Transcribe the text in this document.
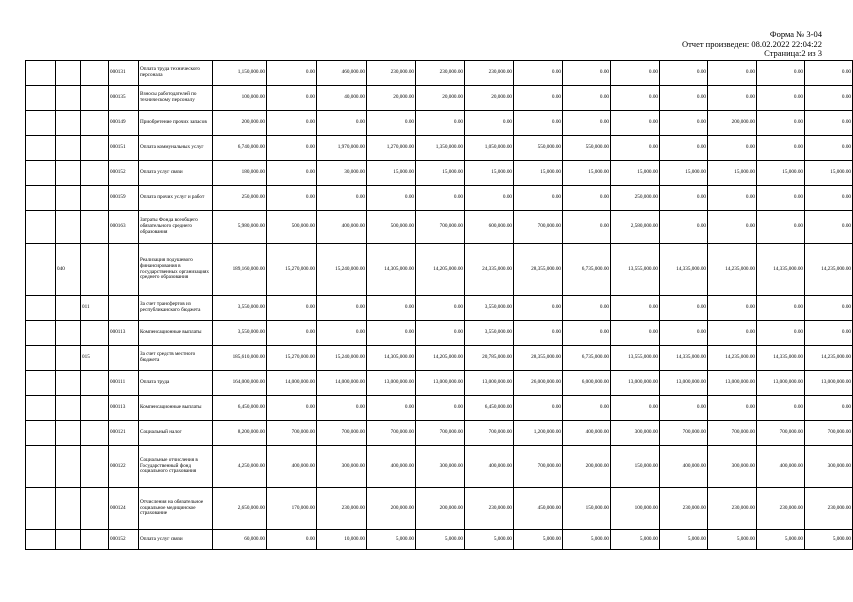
Форма № 3-04
Отчет произведен: 08.02.2022 22:04:22
Страница:2 из 3
			000131	Оплата труда технического персонала	1,150,000.00	0.00	460,000.00	230,000.00	230,000.00	230,000.00	0.00	0.00	0.00	0.00	0.00	0.00	0.00
			000135	Взносы работодателей по техническому персоналу	100,000.00	0.00	40,000.00	20,000.00	20,000.00	20,000.00	0.00	0.00	0.00	0.00	0.00	0.00	0.00
			000149	Приобретение прочих запасов	200,000.00	0.00	0.00	0.00	0.00	0.00	0.00	0.00	0.00	0.00	200,000.00	0.00	0.00
			000151	Оплата коммунальных услуг	6,740,000.00	0.00	1,970,000.00	1,270,000.00	1,350,000.00	1,050,000.00	550,000.00	550,000.00	0.00	0.00	0.00	0.00	0.00
			000152	Оплата услуг связи	180,000.00	0.00	30,000.00	15,000.00	15,000.00	15,000.00	15,000.00	15,000.00	15,000.00	15,000.00	15,000.00	15,000.00	15,000.00
			000159	Оплата прочих услуг и работ	250,000.00	0.00	0.00	0.00	0.00	0.00	0.00	0.00	250,000.00	0.00	0.00	0.00	0.00
			000163	Затраты Фонда всеобщего обязательного среднего образования	5,980,000.00	500,000.00	400,000.00	500,000.00	700,000.00	600,000.00	700,000.00	0.00	2,580,000.00	0.00	0.00	0.00	0.00
	040			Реализация подушевого финансирования в государственных организациях среднего образования	189,160,000.00	15,270,000.00	15,240,000.00	14,305,000.00	14,205,000.00	24,335,000.00	28,355,000.00	6,735,000.00	13,555,000.00	14,335,000.00	14,235,000.00	14,335,000.00	14,235,000.00
		011		За счет трансфертов из республиканского бюджета	3,550,000.00	0.00	0.00	0.00	0.00	3,550,000.00	0.00	0.00	0.00	0.00	0.00	0.00	0.00
			000113	Компенсационные выплаты	3,550,000.00	0.00	0.00	0.00	0.00	3,550,000.00	0.00	0.00	0.00	0.00	0.00	0.00	0.00
		015		За счет средств местного бюджета	185,610,000.00	15,270,000.00	15,240,000.00	14,305,000.00	14,205,000.00	20,785,000.00	28,355,000.00	6,735,000.00	13,555,000.00	14,335,000.00	14,235,000.00	14,335,000.00	14,235,000.00
			000111	Оплата труда	164,000,000.00	14,000,000.00	14,000,000.00	13,000,000.00	13,000,000.00	13,000,000.00	26,000,000.00	6,000,000.00	13,000,000.00	13,000,000.00	13,000,000.00	13,000,000.00	13,000,000.00
			000113	Компенсационные выплаты	6,450,000.00	0.00	0.00	0.00	0.00	6,450,000.00	0.00	0.00	0.00	0.00	0.00	0.00	0.00
			000121	Социальный налог	8,200,000.00	700,000.00	700,000.00	700,000.00	700,000.00	700,000.00	1,200,000.00	400,000.00	300,000.00	700,000.00	700,000.00	700,000.00	700,000.00
			000122	Социальные отчисления в Государственный фонд социального страхования	4,250,000.00	400,000.00	300,000.00	400,000.00	300,000.00	400,000.00	700,000.00	200,000.00	150,000.00	400,000.00	300,000.00	400,000.00	300,000.00
			000124	Отчисления на обязательное социальное медицинское страхование	2,650,000.00	170,000.00	230,000.00	200,000.00	200,000.00	230,000.00	450,000.00	150,000.00	100,000.00	230,000.00	230,000.00	230,000.00	230,000.00
			000152	Оплата услуг связи	60,000.00	0.00	10,000.00	5,000.00	5,000.00	5,000.00	5,000.00	5,000.00	5,000.00	5,000.00	5,000.00	5,000.00	5,000.00
